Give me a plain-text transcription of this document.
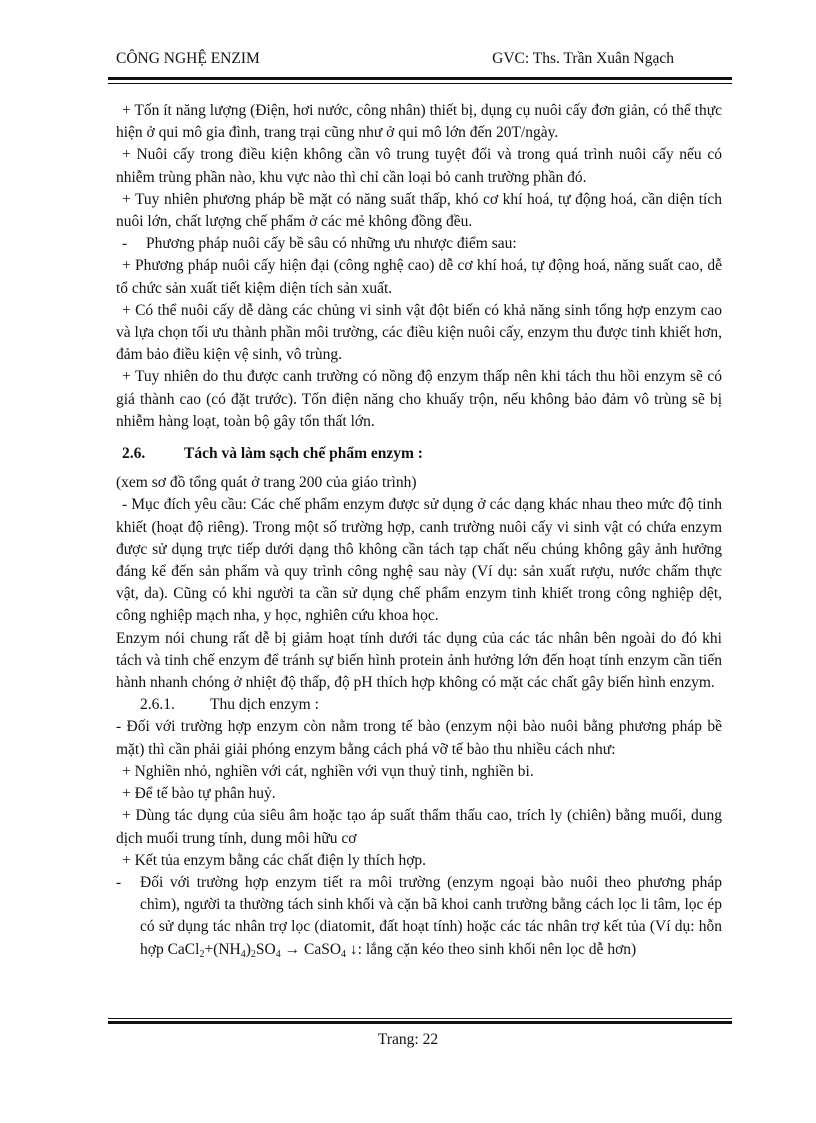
CÔNG NGHỆ ENZIM	GVC: Ths. Trần Xuân Ngạch

+ Tốn ít năng lượng (Điện, hơi nước, công nhân) thiết bị, dụng cụ nuôi cấy đơn giản, có thể thực hiện ở qui mô gia đình, trang trại cũng như ở qui mô lớn đến 20T/ngày.

+ Nuôi cấy trong điều kiện không cần vô trung tuyệt đối và trong quá trình nuôi cấy nếu có nhiễm trùng phần nào, khu vực nào thì chỉ cần loại bỏ canh trường phần đó.

+ Tuy nhiên phương pháp bề mặt có năng suất thấp, khó cơ khí hoá, tự động hoá, cần diện tích nuôi lớn, chất lượng chế phẩm ở các mẻ không đồng đều.

-	Phương pháp nuôi cấy bề sâu có những ưu nhược điểm sau:

+ Phương pháp nuôi cấy hiện đại (công nghệ cao) dễ cơ khí hoá, tự động hoá, năng suất cao, dễ tổ chức sản xuất tiết kiệm diện tích sản xuất.

+ Có thể nuôi cấy dễ dàng các chủng vi sinh vật đột biến có khả năng sinh tổng hợp enzym cao và lựa chọn tối ưu thành phần môi trường, các điều kiện nuôi cấy, enzym thu được tinh khiết hơn, đảm bảo điều kiện vệ sinh, vô trùng.

+ Tuy nhiên do thu được canh trường có nồng độ enzym thấp nên khi tách thu hồi enzym sẽ có giá thành cao (có đặt trước). Tốn điện năng cho khuấy trộn, nếu không bảo đảm vô trùng sẽ bị nhiễm hàng loạt, toàn bộ gây tổn thất lớn.

2.6.	Tách và làm sạch chế phẩm enzym :

(xem sơ đồ tổng quát ở trang 200 của giáo trình)

- Mục đích yêu cầu: Các chế phẩm enzym được sử dụng ở các dạng khác nhau theo mức độ tinh khiết (hoạt độ riêng). Trong một số trường hợp, canh trường nuôi cấy vi sinh vật có chứa enzym được sử dụng trực tiếp dưới dạng thô không cần tách tạp chất nếu chúng không gây ảnh hưởng đáng kể đến sản phẩm và quy trình công nghệ sau này (Ví dụ: sản xuất rượu, nước chấm thực vật, da). Cũng có khi người ta cần sử dụng chế phẩm enzym tinh khiết trong công nghiệp dệt, công nghiệp mạch nha, y học, nghiên cứu khoa học.

Enzym nói chung rất dễ bị giảm hoạt tính dưới tác dụng của các tác nhân bên ngoài do đó khi tách và tinh chế enzym để tránh sự biến hình protein ảnh hưởng lớn đến hoạt tính enzym cần tiến hành nhanh chóng ở nhiệt độ thấp, độ pH thích hợp không có mặt các chất gây biến hình enzym.

2.6.1.	Thu dịch enzym :

- Đối với trường hợp enzym còn nằm trong tế bào (enzym nội bào nuôi bằng phương pháp bề mặt) thì cần phải giải phóng enzym bằng cách phá vỡ tế bào thu nhiều cách như:

+ Nghiền nhỏ, nghiền với cát, nghiền với vụn thuỷ tinh, nghiền bi.

+ Để tế bào tự phân huỷ.

+ Dùng tác dụng của siêu âm hoặc tạo áp suất thẩm thấu cao, trích ly (chiên) bằng muối, dung dịch muối trung tính, dung môi hữu cơ

+ Kết tủa enzym bằng các chất điện ly thích hợp.

-	Đối với trường hợp enzym tiết ra môi trường (enzym ngoại bào nuôi theo phương pháp chìm), người ta thường tách sinh khối và cặn bã khoi canh trường bằng cách lọc li tâm, lọc ép có sử dụng tác nhân trợ lọc (diatomit, đất hoạt tính) hoặc các tác nhân trợ kết tủa (Ví dụ: hỗn hợp $CaCl_2+(NH_4)_2SO_4$ → CaSO$_4$ ↓: lắng cặn kéo theo sinh khối nên lọc dễ hơn)
Trang: 22
